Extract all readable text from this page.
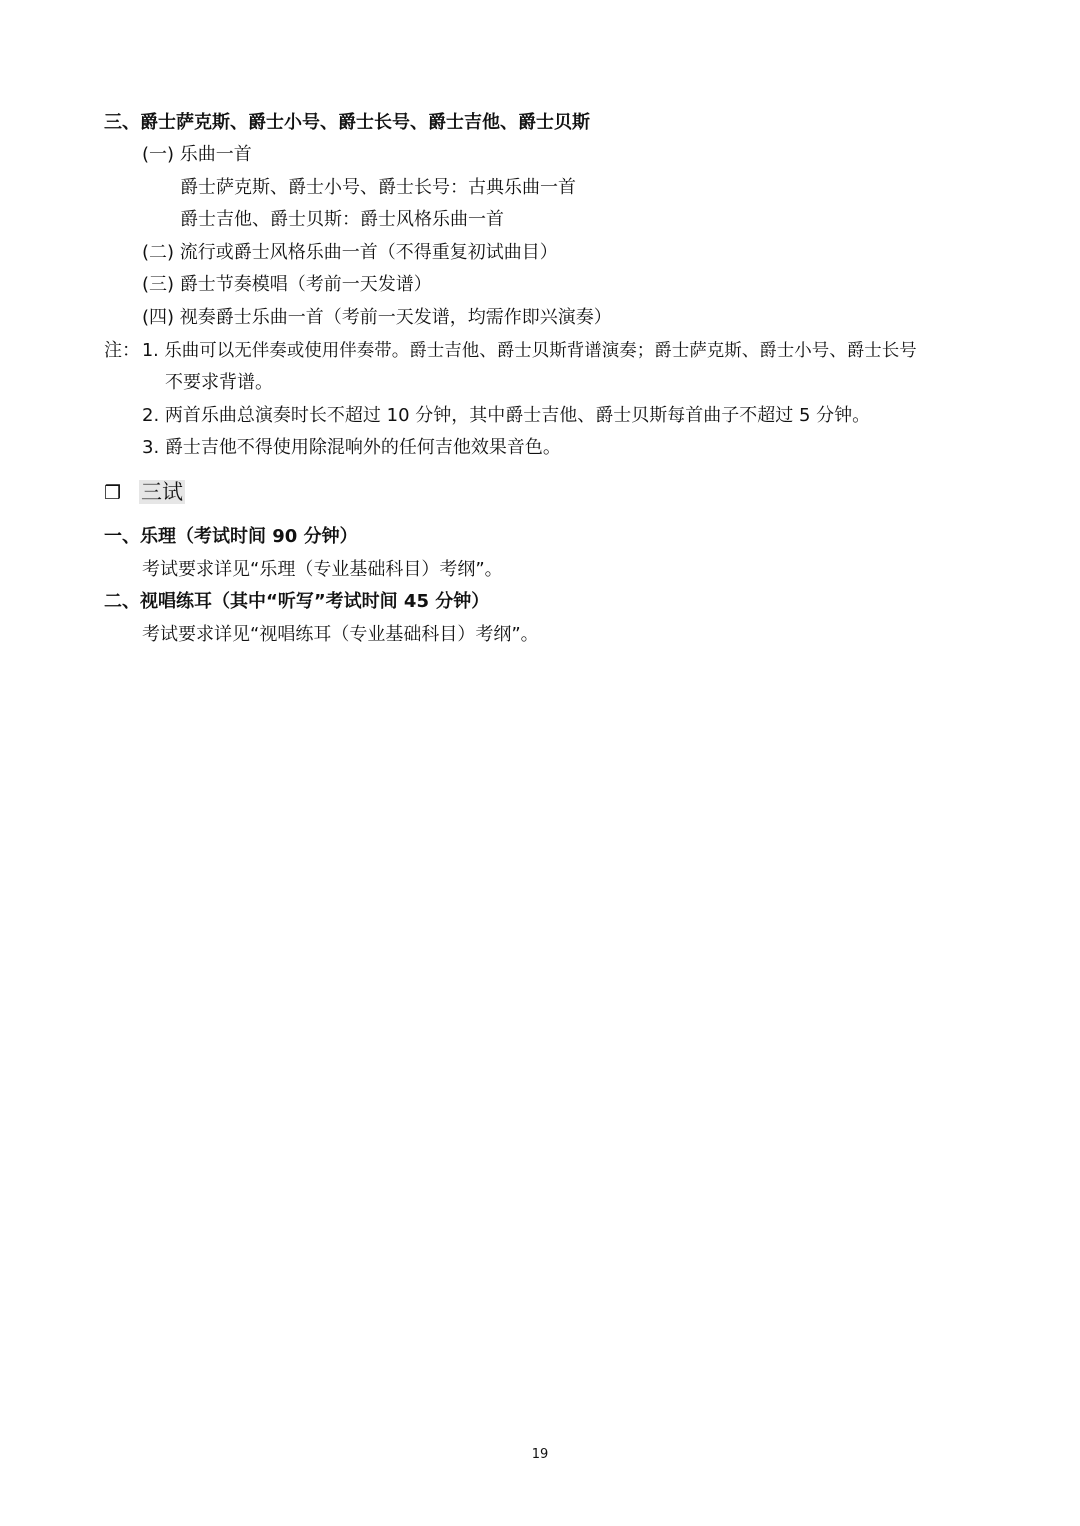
三、爵士萨克斯、爵士小号、爵士长号、爵士吉他、爵士贝斯
(一) 乐曲一首
爵士萨克斯、爵士小号、爵士长号：古典乐曲一首
爵士吉他、爵士贝斯：爵士风格乐曲一首
(二) 流行或爵士风格乐曲一首（不得重复初试曲目）
(三) 爵士节奏模唱（考前一天发谱）
(四) 视奏爵士乐曲一首（考前一天发谱，均需作即兴演奏）
注： 1. 乐曲可以无伴奏或使用伴奏带。爵士吉他、爵士贝斯背谱演奏；爵士萨克斯、爵士小号、爵士长号
不要求背谱。
2. 两首乐曲总演奏时长不超过 10 分钟，其中爵士吉他、爵士贝斯每首曲子不超过 5 分钟。
3. 爵士吉他不得使用除混响外的任何吉他效果音色。
❒ 三试
一、乐理（考试时间 90 分钟）
考试要求详见“乐理（专业基础科目）考纲”。
二、视唱练耳（其中“听写”考试时间 45 分钟）
考试要求详见“视唱练耳（专业基础科目）考纲”。
19
